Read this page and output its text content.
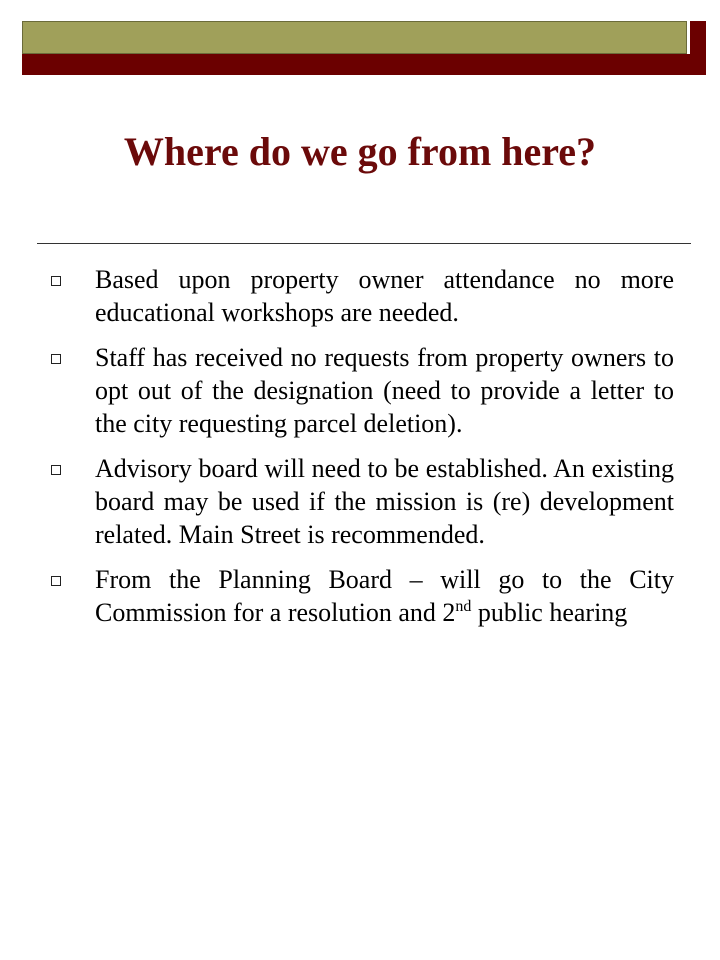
Where do we go from here?
Based upon property owner attendance no more educational workshops are needed.
Staff has received no requests from property owners to opt out of the designation (need to provide a letter to the city requesting parcel deletion).
Advisory board will need to be established. An existing board may be used if the mission is (re) development related. Main Street is recommended.
From the Planning Board – will go to the City Commission for a resolution and 2nd public hearing
